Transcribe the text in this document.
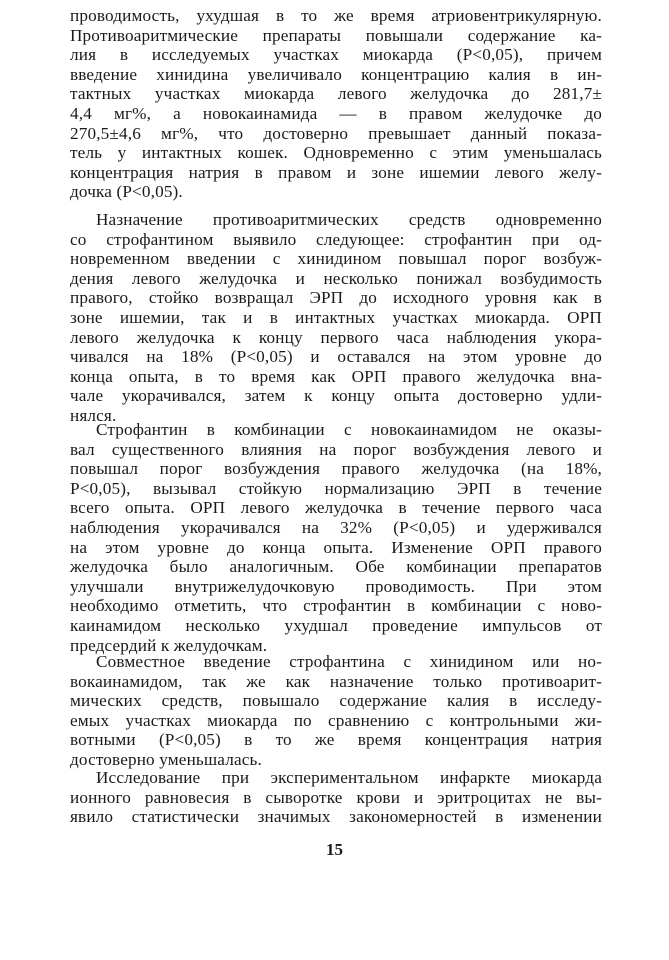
проводимость, ухудшая в то же время атриовентрикулярную.
Противоаритмические препараты повышали содержание ка-
лия в исследуемых участках миокарда (P<0,05), причем
введение хинидина увеличивало концентрацию калия в ин-
тактных участках миокарда левого желудочка до 281,7±
4,4 мг%, а новокаинамида — в правом желудочке до
270,5±4,6 мг%, что достоверно превышает данный показа-
тель у интактных кошек. Одновременно с этим уменьшалась
концентрация натрия в правом и зоне ишемии левого желу-
дочка (P<0,05).
Назначение противоаритмических средств одновременно
со строфантином выявило следующее: строфантин при од-
новременном введении с хинидином повышал порог возбуж-
дения левого желудочка и несколько понижал возбудимость
правого, стойко возвращал ЭРП до исходного уровня как в
зоне ишемии, так и в интактных участках миокарда. ОРП
левого желудочка к концу первого часа наблюдения укора-
чивался на 18% (P<0,05) и оставался на этом уровне до
конца опыта, в то время как ОРП правого желудочка вна-
чале укорачивался, затем к концу опыта достоверно удли-
нялся.
Строфантин в комбинации с новокаинамидом не оказы-
вал существенного влияния на порог возбуждения левого и
повышал порог возбуждения правого желудочка (на 18%,
P<0,05), вызывал стойкую нормализацию ЭРП в течение
всего опыта. ОРП левого желудочка в течение первого часа
наблюдения укорачивался на 32% (P<0,05) и удерживался
на этом уровне до конца опыта. Изменение ОРП правого
желудочка было аналогичным. Обе комбинации препаратов
улучшали внутрижелудочковую проводимость. При этом
необходимо отметить, что строфантин в комбинации с ново-
каинамидом несколько ухудшал проведение импульсов от
предсердий к желудочкам.
Совместное введение строфантина с хинидином или но-
вокаинамидом, так же как назначение только противоарит-
мических средств, повышало содержание калия в исследу-
емых участках миокарда по сравнению с контрольными жи-
вотными (P<0,05) в то же время концентрация натрия
достоверно уменьшалась.
Исследование при экспериментальном инфаркте миокарда
ионного равновесия в сыворотке крови и эритроцитах не вы-
явило статистически значимых закономерностей в изменении
15
